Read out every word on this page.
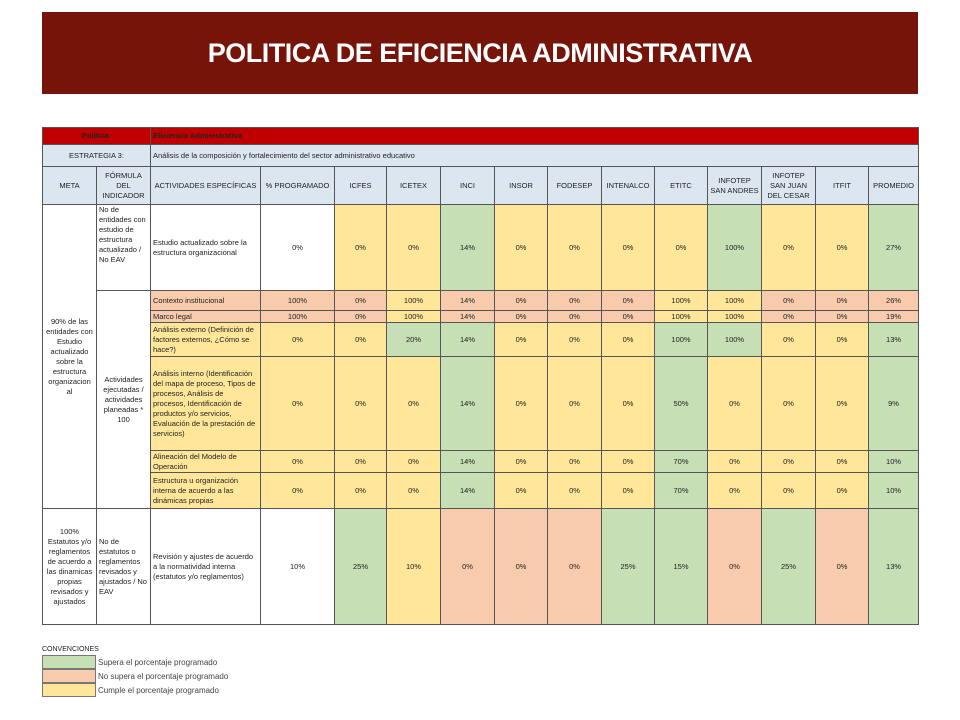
POLITICA DE EFICIENCIA ADMINISTRATIVA
Política:		Eficiencia Administrativa												
ESTRATEGIA 3:		Análisis de la composición y fortalecimiento del sector administrativo educativo												
META	FÓRMULA DEL INDICADOR	ACTIVIDADES ESPECÍFICAS	% PROGRAMADO	ICFES	ICETEX	INCI	INSOR	FODESEP	INTENALCO	ETITC	INFOTEP SAN ANDRES	INFOTEP SAN JUAN DEL CESAR	ITFIT	PROMEDIO
90% de las entidades con Estudio actualizado sobre la estructura organizacion al	No de entidades con estudio de estructura actualizado / No EAV	Estudio actualizado sobre la estructura organizacional	0%	0%	0%	14%	0%	0%	0%	0%	100%	0%	0%	27%
	Actividades ejecutadas / actividades planeadas * 100	Contexto institucional	100%	0%	100%	14%	0%	0%	0%	100%	100%	0%	0%	26%
		Marco legal	100%	0%	100%	14%	0%	0%	0%	100%	100%	0%	0%	19%
		Análisis externo (Definición de factores externos, ¿Cómo se hace?)	0%	0%	20%	14%	0%	0%	0%	100%	100%	0%	0%	13%
		Análisis interno (Identificación del mapa de proceso, Tipos de procesos, Análisis de procesos, Identificación de productos y/o servicios, Evaluación de la prestación de servicios)	0%	0%	0%	14%	0%	0%	0%	50%	0%	0%	0%	9%
		Alineación del Modelo de Operación	0%	0%	0%	14%	0%	0%	0%	70%	0%	0%	0%	10%
		Estructura u organización interna de acuerdo a las dinámicas propias	0%	0%	0%	14%	0%	0%	0%	70%	0%	0%	0%	10%
100% Estatutos y/o reglamentos de acuerdo a las dinamicas propias revisados y ajustados	No de estatutos o reglamentos revisados y ajustados / No EAV	Revisión y ajustes de acuerdo a la normatividad interna (estatutos y/o reglamentos)	10%	25%	10%	0%	0%	0%	25%	15%	0%	25%	0%	13%
CONVENCIONES
Supera el porcentaje programado
No supera el porcentaje programado
Cumple el porcentaje programado
